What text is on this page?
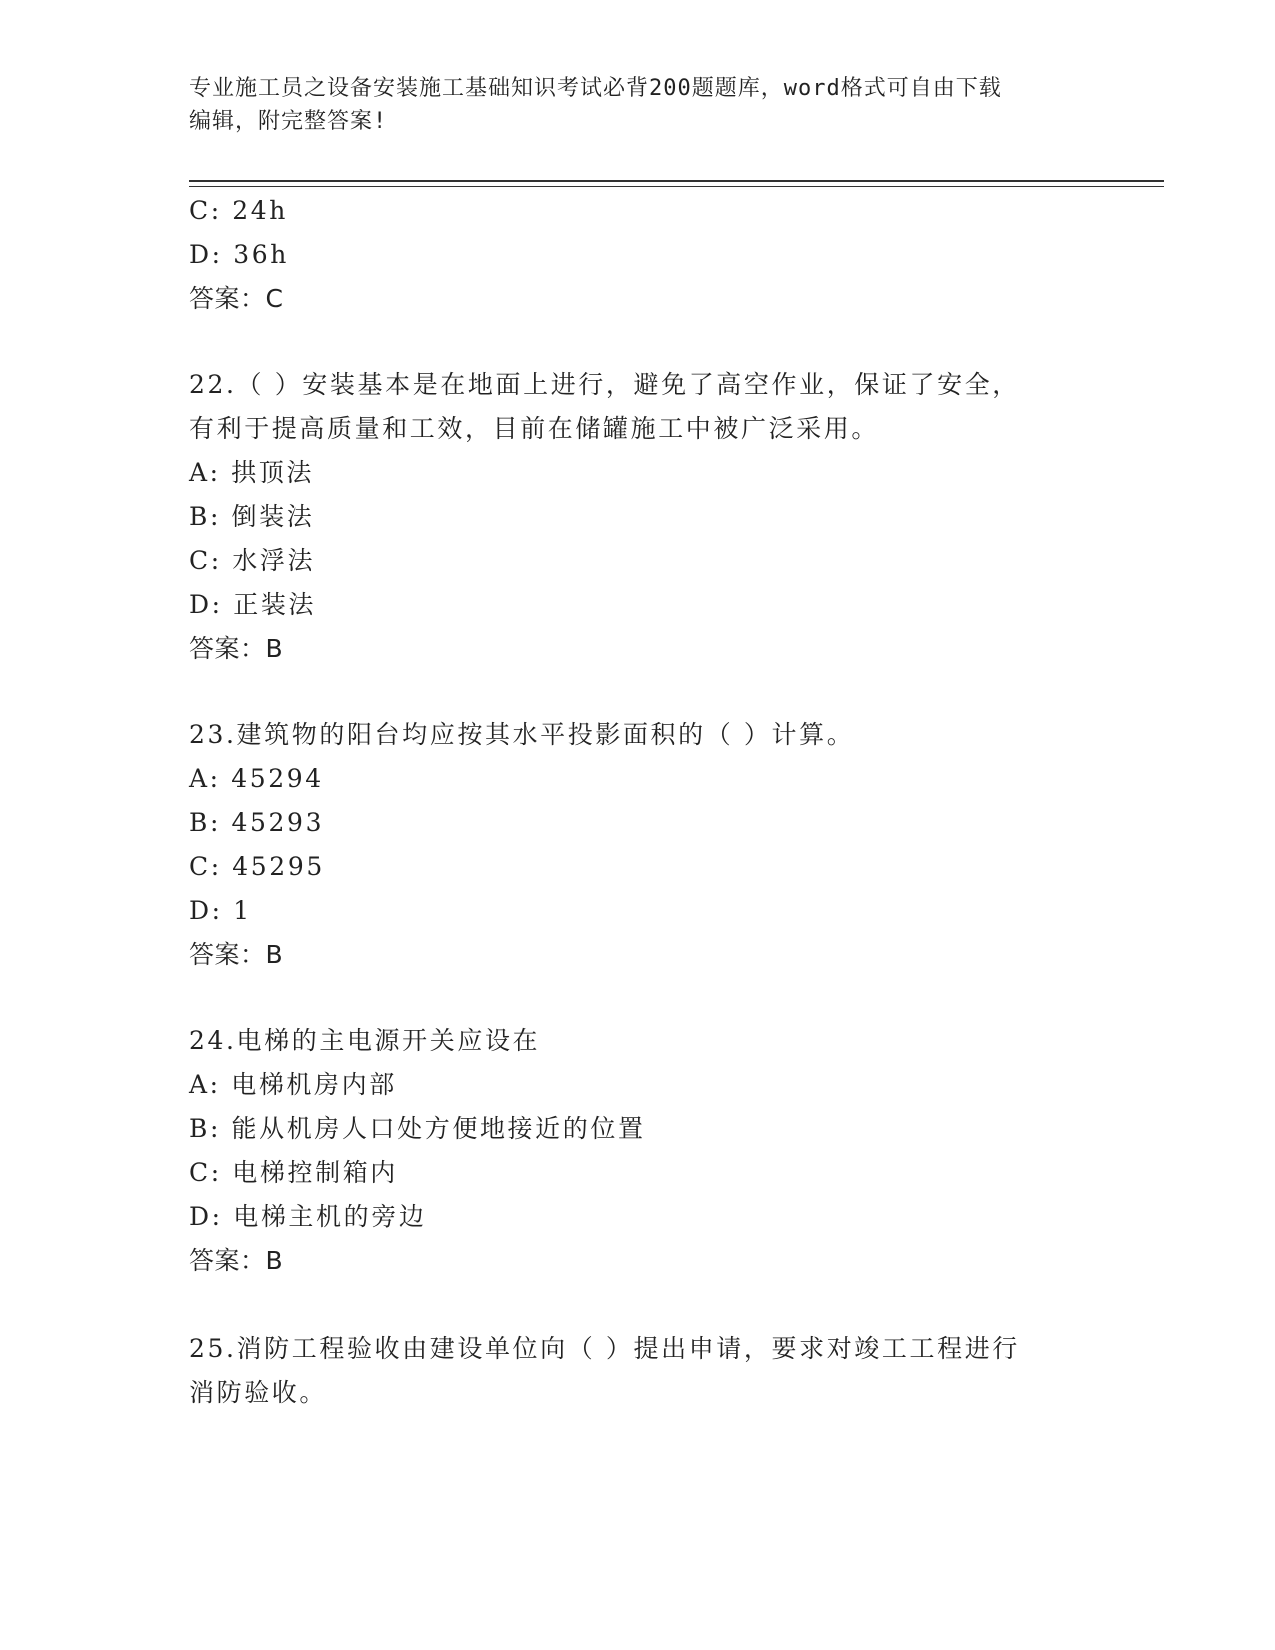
专业施工员之设备安装施工基础知识考试必背200题题库，word格式可自由下载
编辑，附完整答案!
C: 24h
D: 36h
答案：C
22.（ ）安装基本是在地面上进行，避免了高空作业，保证了安全，
有利于提高质量和工效，目前在储罐施工中被广泛采用。
A: 拱顶法
B: 倒装法
C: 水浮法
D: 正装法
答案：B
23.建筑物的阳台均应按其水平投影面积的（ ）计算。
A: 45294
B: 45293
C: 45295
D: 1
答案：B
24.电梯的主电源开关应设在
A: 电梯机房内部
B: 能从机房人口处方便地接近的位置
C: 电梯控制箱内
D: 电梯主机的旁边
答案：B
25.消防工程验收由建设单位向（ ）提出申请，要求对竣工工程进行
消防验收。
